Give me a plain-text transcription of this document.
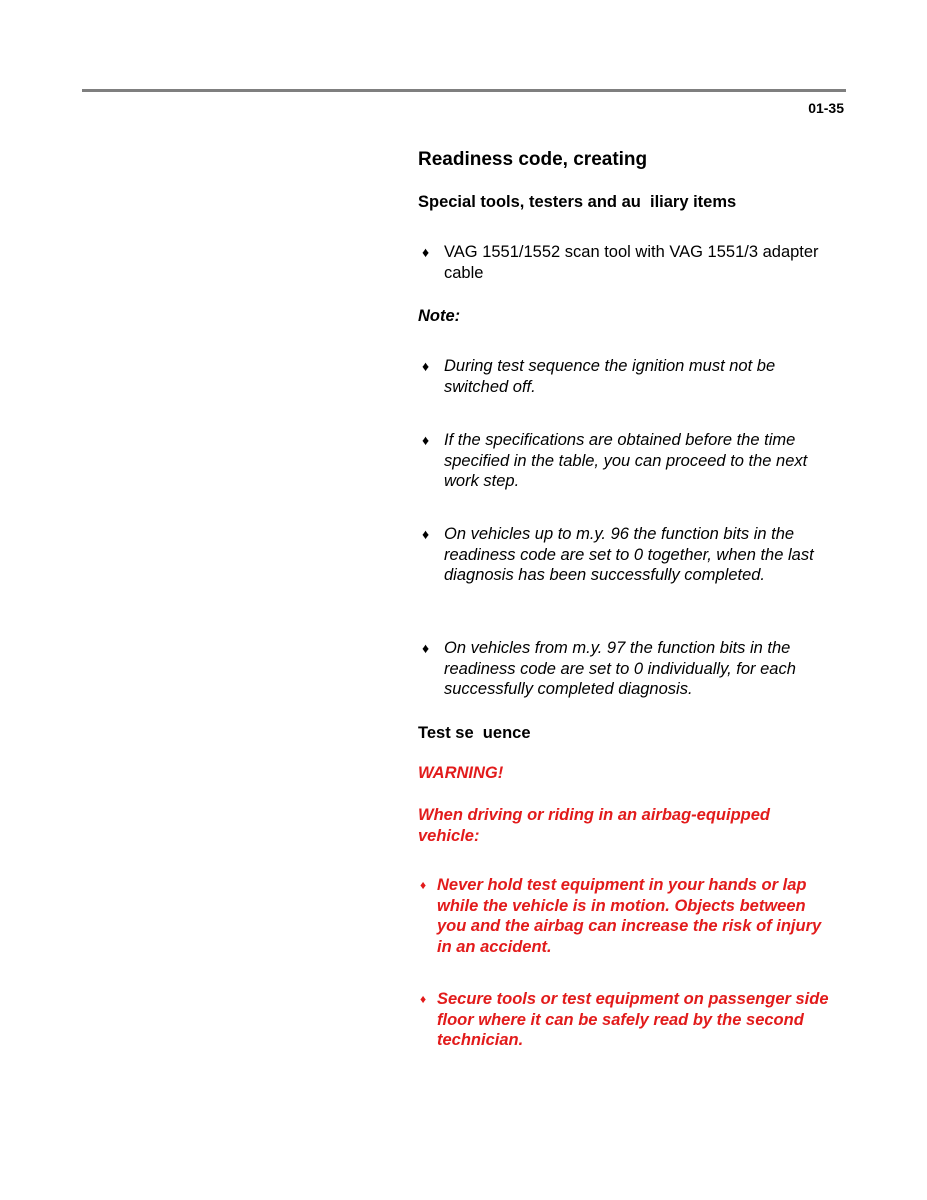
01-35
Readiness code, creating
Special tools, testers and au  iliary items
♦ VAG 1551/1552 scan tool with VAG 1551/3 adapter cable
Note:
♦ During test sequence the ignition must not be switched off.
♦ If the specifications are obtained before the time specified in the table, you can proceed to the next work step.
♦ On vehicles up to m.y. 96 the function bits in the readiness code are set to 0 together, when the last diagnosis has been successfully completed.
♦ On vehicles from m.y. 97 the function bits in the readiness code are set to 0 individually, for each successfully completed diagnosis.
Test se  uence
WARNING!
When driving or riding in an airbag-equipped vehicle:
♦ Never hold test equipment in your hands or lap while the vehicle is in motion. Objects between you and the airbag can increase the risk of injury in an accident.
♦ Secure tools or test equipment on passenger side floor where it can be safely read by the second technician.
